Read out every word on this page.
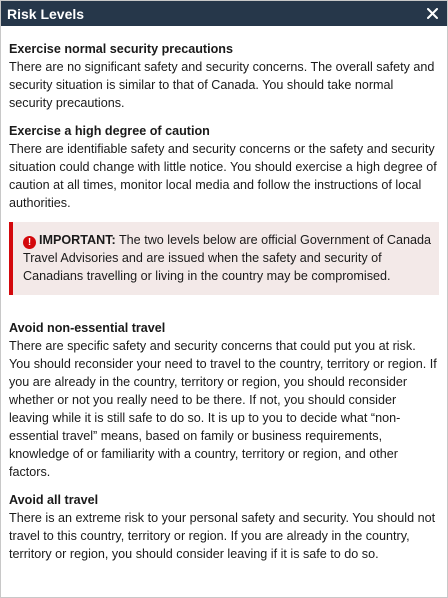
Risk Levels
Exercise normal security precautions

There are no significant safety and security concerns. The overall safety and security situation is similar to that of Canada. You should take normal security precautions.

Exercise a high degree of caution

There are identifiable safety and security concerns or the safety and security situation could change with little notice. You should exercise a high degree of caution at all times, monitor local media and follow the instructions of local authorities.

! IMPORTANT: The two levels below are official Government of Canada Travel Advisories and are issued when the safety and security of Canadians travelling or living in the country may be compromised.
Avoid non-essential travel

There are specific safety and security concerns that could put you at risk. You should reconsider your need to travel to the country, territory or region. If you are already in the country, territory or region, you should reconsider whether or not you really need to be there. If not, you should consider leaving while it is still safe to do so. It is up to you to decide what “non-essential travel” means, based on family or business requirements, knowledge of or familiarity with a country, territory or region, and other factors.

Avoid all travel

There is an extreme risk to your personal safety and security. You should not travel to this country, territory or region. If you are already in the country, territory or region, you should consider leaving if it is safe to do so.
